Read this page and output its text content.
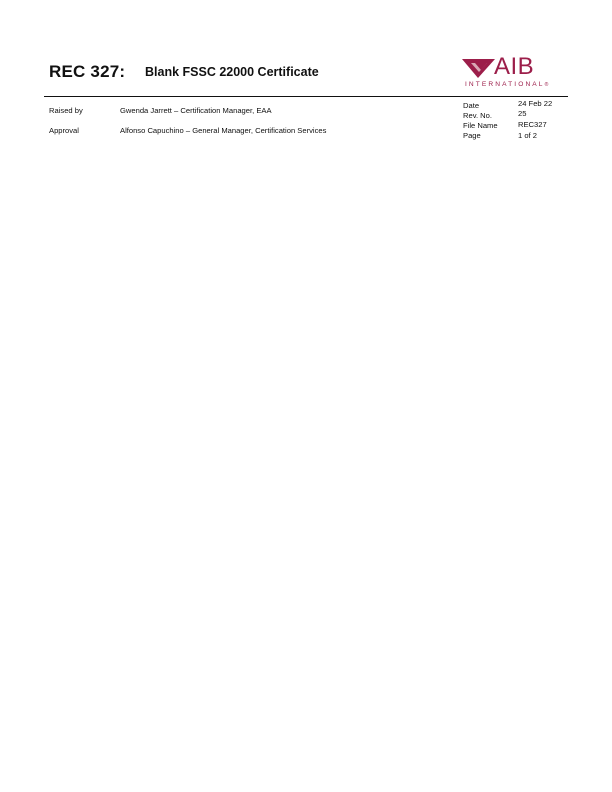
REC 327: Blank FSSC 22000 Certificate	AIB
INTERNATIONAL®
Raised by	Gwenda Jarrett – Certification Manager, EAA
Approval	Alfonso Capuchino – General Manager, Certification Services
Date	24 Feb 22
Rev. No.	25
File Name	REC327
Page	1 of 2
